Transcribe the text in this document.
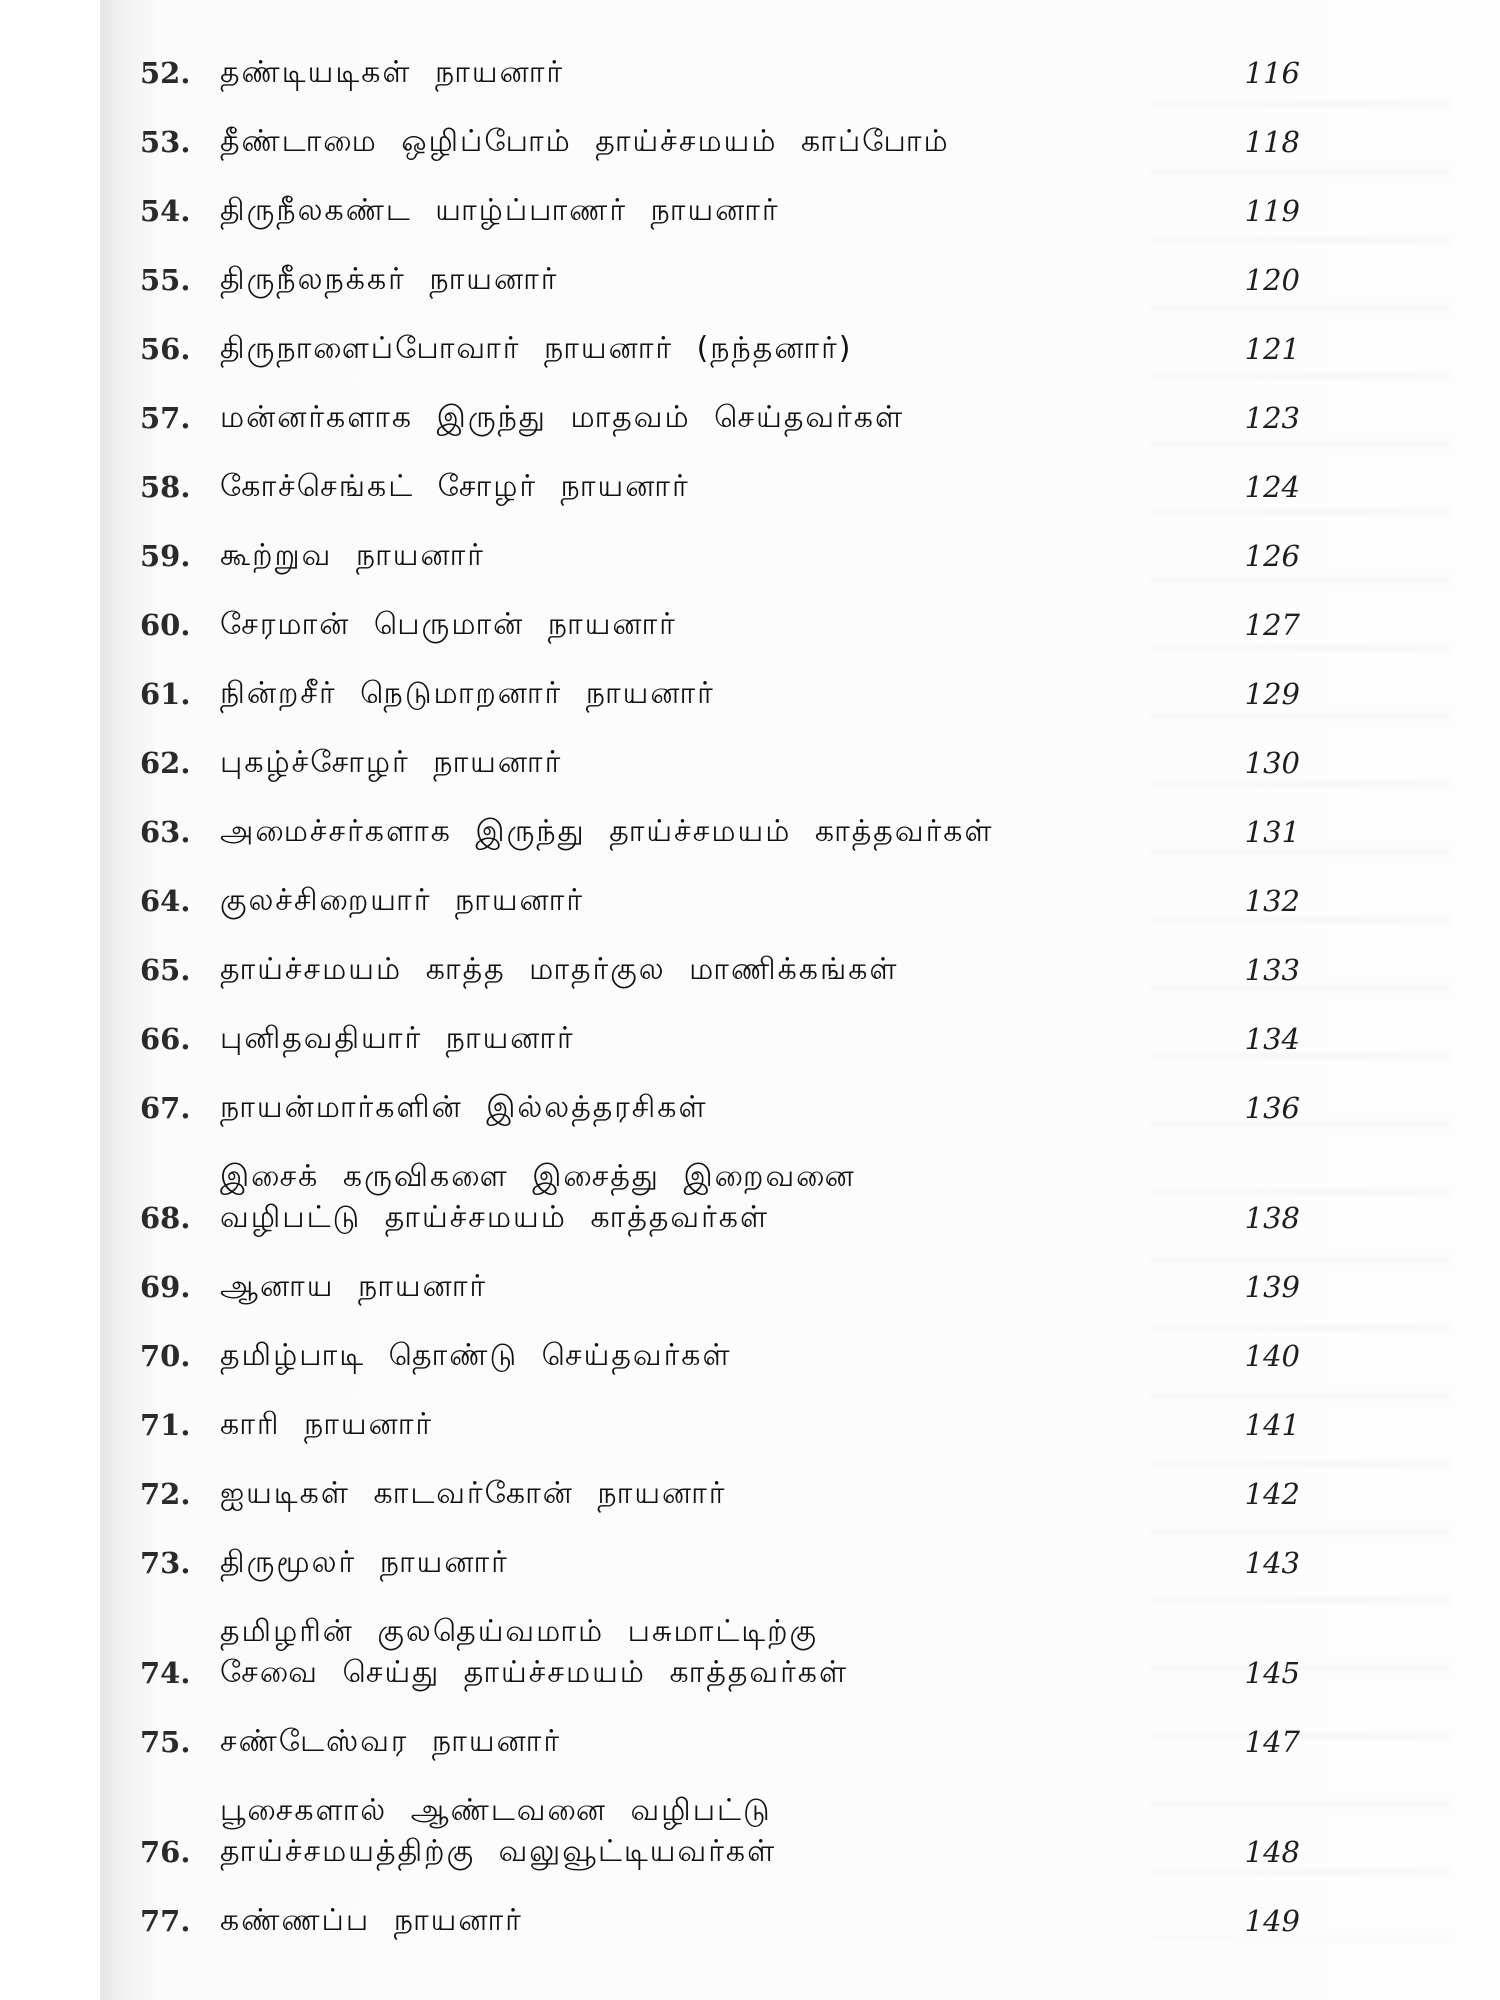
52. தண்டியடிகள் நாயனார்	116
53. தீண்டாமை ஒழிப்போம் தாய்ச்சமயம் காப்போம்	118
54. திருநீலகண்ட யாழ்ப்பாணர் நாயனார்	119
55. திருநீலநக்கர் நாயனார்	120
56. திருநாளைப்போவார் நாயனார் (நந்தனார்)	121
57. மன்னர்களாக இருந்து மாதவம் செய்தவர்கள்	123
58. கோச்செங்கட் சோழர் நாயனார்	124
59. கூற்றுவ நாயனார்	126
60. சேரமான் பெருமான் நாயனார்	127
61. நின்றசீர் நெடுமாறனார் நாயனார்	129
62. புகழ்ச்சோழர் நாயனார்	130
63. அமைச்சர்களாக இருந்து தாய்ச்சமயம் காத்தவர்கள்	131
64. குலச்சிறையார் நாயனார்	132
65. தாய்ச்சமயம் காத்த மாதர்குல மாணிக்கங்கள்	133
66. புனிதவதியார் நாயனார்	134
67. நாயன்மார்களின் இல்லத்தரசிகள்	136
68.
இசைக் கருவிகளை இசைத்து இறைவனை
வழிபட்டு தாய்ச்சமயம் காத்தவர்கள்	138
69. ஆனாய நாயனார்	139
70. தமிழ்பாடி தொண்டு செய்தவர்கள்	140
71. காரி நாயனார்	141
72. ஐயடிகள் காடவர்கோன் நாயனார்	142
73. திருமூலர் நாயனார்	143
74.
தமிழரின் குலதெய்வமாம் பசுமாட்டிற்கு
சேவை செய்து தாய்ச்சமயம் காத்தவர்கள்	145
75. சண்டேஸ்வர நாயனார்	147
76.
பூசைகளால் ஆண்டவனை வழிபட்டு
தாய்ச்சமயத்திற்கு வலுவூட்டியவர்கள்	148
77. கண்ணப்ப நாயனார்	149
